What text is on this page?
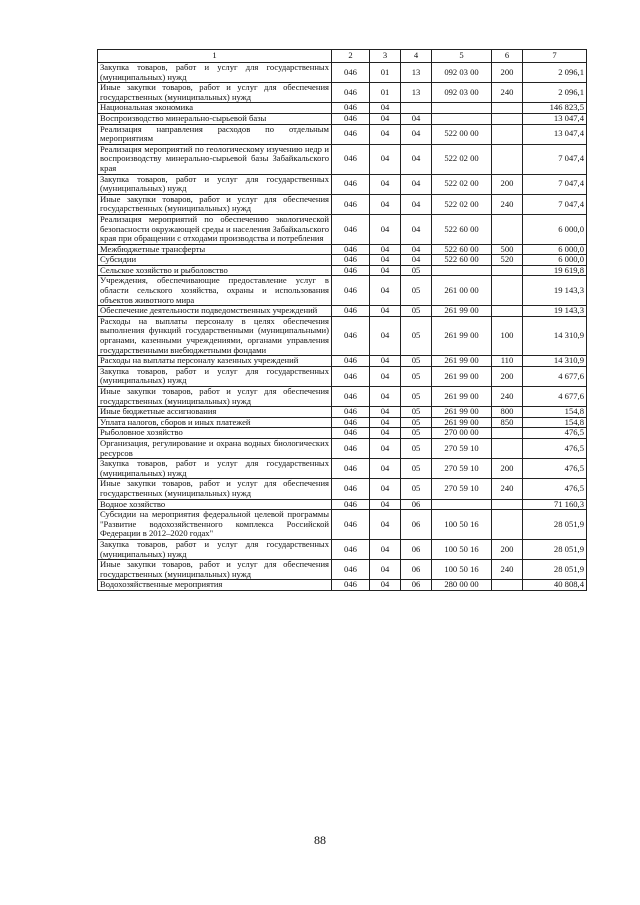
1	2	3	4	5	6	7
Закупка товаров, работ и услуг для государственных (муниципальных) нужд	046	01	13	092 03 00	200	2 096,1
Иные закупки товаров, работ и услуг для обеспечения государственных (муниципальных) нужд	046	01	13	092 03 00	240	2 096,1
Национальная экономика	046	04				146 823,5
Воспроизводство минерально-сырьевой базы	046	04	04			13 047,4
Реализация направления расходов по отдельным мероприятиям	046	04	04	522 00 00		13 047,4
Реализация мероприятий по геологическому изучению недр и воспроизводству минерально-сырьевой базы Забайкальского края	046	04	04	522 02 00		7 047,4
Закупка товаров, работ и услуг для государственных (муниципальных) нужд	046	04	04	522 02 00	200	7 047,4
Иные закупки товаров, работ и услуг для обеспечения государственных (муниципальных) нужд	046	04	04	522 02 00	240	7 047,4
Реализация мероприятий по обеспечению экологической безопасности окружающей среды и населения Забайкальского края при обращении с отходами производства и потребления	046	04	04	522 60 00		6 000,0
Межбюджетные трансферты	046	04	04	522 60 00	500	6 000,0
Субсидии	046	04	04	522 60 00	520	6 000,0
Сельское хозяйство и рыболовство	046	04	05			19 619,8
Учреждения, обеспечивающие предоставление услуг в области сельского хозяйства, охраны и использования объектов животного мира	046	04	05	261 00 00		19 143,3
Обеспечение деятельности подведомственных учреждений	046	04	05	261 99 00		19 143,3
Расходы на выплаты персоналу в целях обеспечения выполнения функций государственными (муниципальными) органами, казенными учреждениями, органами управления государственными внебюджетными фондами	046	04	05	261 99 00	100	14 310,9
Расходы на выплаты персоналу казенных учреждений	046	04	05	261 99 00	110	14 310,9
Закупка товаров, работ и услуг для государственных (муниципальных) нужд	046	04	05	261 99 00	200	4 677,6
Иные закупки товаров, работ и услуг для обеспечения государственных (муниципальных) нужд	046	04	05	261 99 00	240	4 677,6
Иные бюджетные ассигнования	046	04	05	261 99 00	800	154,8
Уплата налогов, сборов и иных платежей	046	04	05	261 99 00	850	154,8
Рыболовное хозяйство	046	04	05	270 00 00		476,5
Организация, регулирование и охрана водных биологических ресурсов	046	04	05	270 59 10		476,5
Закупка товаров, работ и услуг для государственных (муниципальных) нужд	046	04	05	270 59 10	200	476,5
Иные закупки товаров, работ и услуг для обеспечения государственных (муниципальных) нужд	046	04	05	270 59 10	240	476,5
Водное хозяйство	046	04	06			71 160,3
Субсидии на мероприятия федеральной целевой программы "Развитие водохозяйственного комплекса Российской Федерации в 2012–2020 годах"	046	04	06	100 50 16		28 051,9
Закупка товаров, работ и услуг для государственных (муниципальных) нужд	046	04	06	100 50 16	200	28 051,9
Иные закупки товаров, работ и услуг для обеспечения государственных (муниципальных) нужд	046	04	06	100 50 16	240	28 051,9
Водохозяйственные мероприятия	046	04	06	280 00 00		40 808,4
88
